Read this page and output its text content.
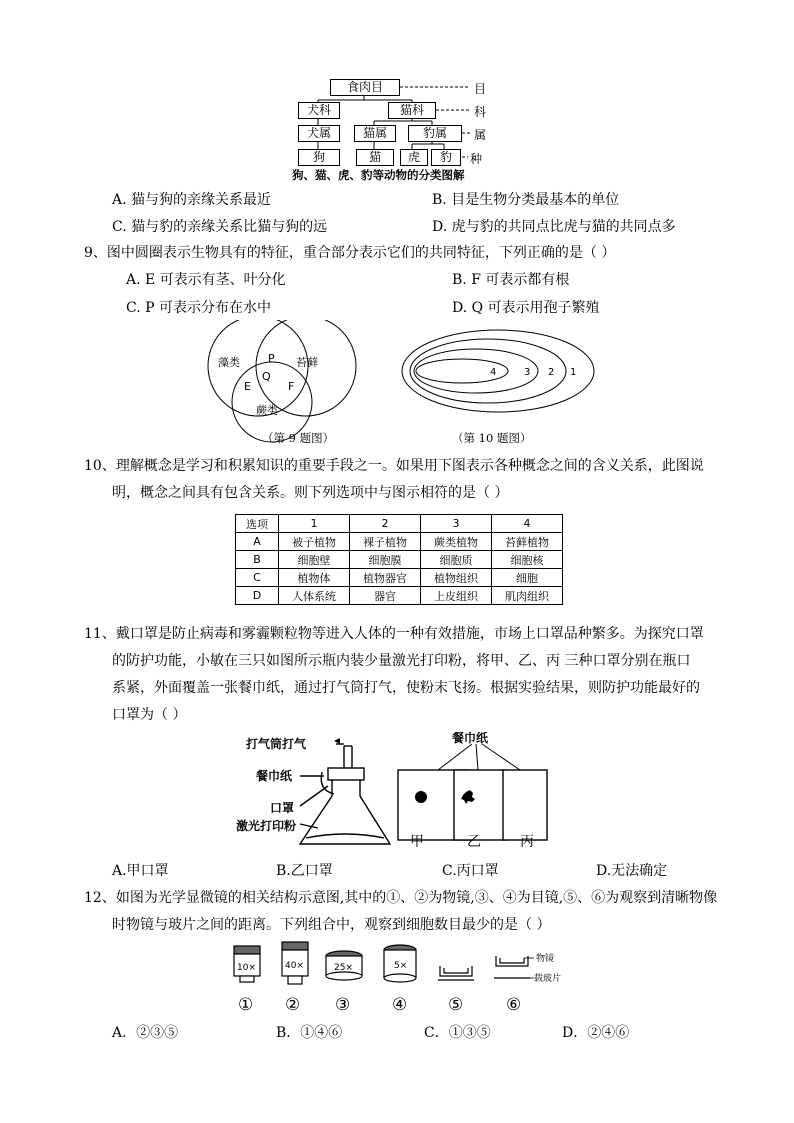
食肉目
犬科	猫科
犬属	猫属	豹属
狗	猫	虎	豹
目
科
属
种
狗、猫、虎、豹等动物的分类图解
A. 猫与狗的亲缘关系最近	B. 目是生物分类最基本的单位
C. 猫与豹的亲缘关系比猫与狗的远	D. 虎与豹的共同点比虎与猫的共同点多
9、图中圆圈表示生物具有的特征，重合部分表示它们的共同特征，下列正确的是（ ）
A. E 可表示有茎、叶分化	B. F 可表示都有根
C. P 可表示分布在水中	D. Q 可表示用孢子繁殖
藻类	苔藓
蕨类
P
Q
E	F
4	3 2 1
（第 9 题图）	（第 10 题图）
10、理解概念是学习和积累知识的重要手段之一。如果用下图表示各种概念之间的含义关系，此图说
明，概念之间具有包含关系。则下列选项中与图示相符的是（ ）
选项	1	2	3	4
A	被子植物	裸子植物	蕨类植物	苔藓植物
B	细胞壁	细胞膜	细胞质	细胞核
C	植物体	植物器官	植物组织	细胞
D	人体系统	器官	上皮组织	肌肉组织
11、戴口罩是防止病毒和雾霾颗粒物等进入人体的一种有效措施，市场上口罩品种繁多。为探究口罩
的防护功能，小敏在三只如图所示瓶内装少量激光打印粉，将甲、乙、丙 三种口罩分别在瓶口
系紧，外面覆盖一张餐巾纸，通过打气筒打气，使粉末飞扬。根据实验结果，则防护功能最好的
口罩为（ ）
打气筒打气
餐巾纸
口罩
激光打印粉
餐巾纸
甲	乙	丙
A.甲口罩	B.乙口罩	C.丙口罩	D.无法确定
12、如图为光学显微镜的相关结构示意图,其中的①、②为物镜,③、④为目镜,⑤、⑥为观察到清晰物像
时物镜与玻片之间的距离。下列组合中，观察到细胞数目最少的是（ ）
10×	40×	25×	5×
物镜
载玻片
① ② ③ ④ ⑤	⑥
A．②③⑤	B．①④⑥	C．①③⑤	D．②④⑥
